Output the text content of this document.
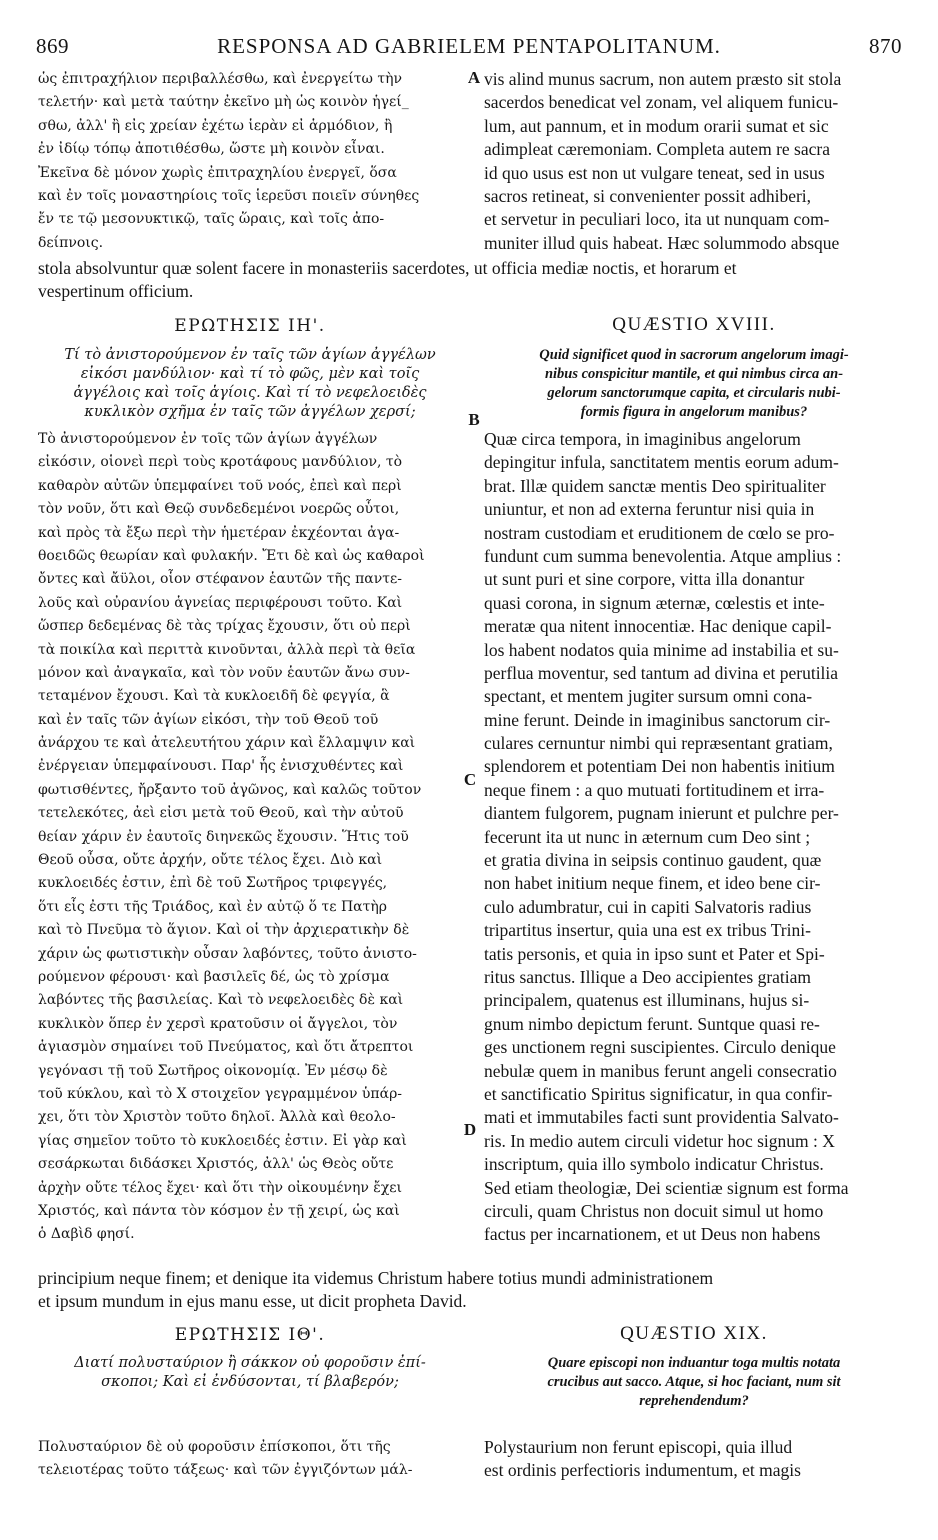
869	RESPONSA AD GABRIELEM PENTAPOLITANUM.	870
A
B
C
D
ὡς ἐπιτραχήλιον περιβαλλέσθω, καὶ ἐνεργείτω τὴν
τελετήν· καὶ μετὰ ταύτην ἐκεῖνο μὴ ὡς κοινὸν ἡγεί_
σθω, ἀλλ' ἢ εἰς χρείαν ἐχέτω ἱερὰν εἰ ἁρμόδιον, ἢ
ἐν ἰδίῳ τόπῳ ἀποτιθέσθω, ὥστε μὴ κοινὸν εἶναι.
Ἐκεῖνα δὲ μόνον χωρὶς ἐπιτραχηλίου ἐνεργεῖ, ὅσα
καὶ ἐν τοῖς μοναστηρίοις τοῖς ἱερεῦσι ποιεῖν σύνηθες
ἔν τε τῷ μεσονυκτικῷ, ταῖς ὥραις, καὶ τοῖς ἀπο-
δείπνοις.
vis alind munus sacrum, non autem præsto sit stola
sacerdos benedicat vel zonam, vel aliquem funicu-
lum, aut pannum, et in modum orarii sumat et sic
adimpleat cæremoniam. Completa autem re sacra
id quo usus est non ut vulgare teneat, sed in usus
sacros retineat, si convenienter possit adhiberi,
et servetur in peculiari loco, ita ut nunquam com-
muniter illud quis habeat. Hæc solummodo absque
stola absolvuntur quæ solent facere in monasteriis sacerdotes, ut officia mediæ noctis, et horarum et
vespertinum officium.
ΕΡΩΤΗΣΙΣ ΙΗ'.	QUÆSTIO XVIII.
Τί τὸ ἀνιστορούμενον ἐν ταῖς τῶν ἁγίων ἀγγέλων
εἰκόσι μανδύλιον· καὶ τί τὸ φῶς, μὲν καὶ τοῖς
ἀγγέλοις καὶ τοῖς ἁγίοις. Καὶ τί τὸ νεφελοειδὲς
κυκλικὸν σχῆμα ἐν ταῖς τῶν ἀγγέλων χερσί;
Quid significet quod in sacrorum angelorum imagi-
nibus conspicitur mantile, et qui nimbus circa an-
gelorum sanctorumque capita, et circularis nubi-
formis figura in angelorum manibus?
Τὸ ἀνιστορούμενον ἐν τοῖς τῶν ἁγίων ἀγγέλων
εἰκόσιν, οἱονεὶ περὶ τοὺς κροτάφους μανδύλιον, τὸ
καθαρὸν αὐτῶν ὑπεμφαίνει τοῦ νοός, ἐπεὶ καὶ περὶ
τὸν νοῦν, ὅτι καὶ Θεῷ συνδεδεμένοι νοερῶς οὗτοι,
καὶ πρὸς τὰ ἔξω περὶ τὴν ἡμετέραν ἐκχέονται ἀγα-
θοειδῶς θεωρίαν καὶ φυλακήν. Ἔτι δὲ καὶ ὡς καθαροὶ
ὄντες καὶ ἄϋλοι, οἷον στέφανον ἑαυτῶν τῆς παντε-
λοῦς καὶ οὐρανίου ἁγνείας περιφέρουσι τοῦτο. Καὶ
ὥσπερ δεδεμένας δὲ τὰς τρίχας ἔχουσιν, ὅτι οὐ περὶ
τὰ ποικίλα καὶ περιττὰ κινοῦνται, ἀλλὰ περὶ τὰ θεῖα
μόνον καὶ ἀναγκαῖα, καὶ τὸν νοῦν ἑαυτῶν ἄνω συν-
τεταμένον ἔχουσι. Καὶ τὰ κυκλοειδῆ δὲ φεγγία, ἃ
καὶ ἐν ταῖς τῶν ἁγίων εἰκόσι, τὴν τοῦ Θεοῦ τοῦ
ἀνάρχου τε καὶ ἀτελευτήτου χάριν καὶ ἔλλαμψιν καὶ
ἐνέργειαν ὑπεμφαίνουσι. Παρ' ἧς ἐνισχυθέντες καὶ
φωτισθέντες, ἤρξαντο τοῦ ἀγῶνος, καὶ καλῶς τοῦτον
τετελεκότες, ἀεὶ εἰσι μετὰ τοῦ Θεοῦ, καὶ τὴν αὐτοῦ
θείαν χάριν ἐν ἑαυτοῖς διηνεκῶς ἔχουσιν. Ἥτις τοῦ
Θεοῦ οὖσα, οὔτε ἀρχήν, οὔτε τέλος ἔχει. Διὸ καὶ
κυκλοειδές ἐστιν, ἐπὶ δὲ τοῦ Σωτῆρος τριφεγγές,
ὅτι εἷς ἐστι τῆς Τριάδος, καὶ ἐν αὐτῷ ὅ τε Πατὴρ
καὶ τὸ Πνεῦμα τὸ ἅγιον. Καὶ οἱ τὴν ἀρχιερατικὴν δὲ
χάριν ὡς φωτιστικὴν οὖσαν λαβόντες, τοῦτο ἀνιστο-
ρούμενον φέρουσι· καὶ βασιλεῖς δέ, ὡς τὸ χρίσμα
λαβόντες τῆς βασιλείας. Καὶ τὸ νεφελοειδὲς δὲ καὶ
κυκλικὸν ὅπερ ἐν χερσὶ κρατοῦσιν οἱ ἄγγελοι, τὸν
ἁγιασμὸν σημαίνει τοῦ Πνεύματος, καὶ ὅτι ἄτρεπτοι
γεγόνασι τῇ τοῦ Σωτῆρος οἰκονομίᾳ. Ἐν μέσῳ δὲ
τοῦ κύκλου, καὶ τὸ Χ στοιχεῖον γεγραμμένον ὑπάρ-
χει, ὅτι τὸν Χριστὸν τοῦτο δηλοῖ. Ἀλλὰ καὶ θεολο-
γίας σημεῖον τοῦτο τὸ κυκλοειδές ἐστιν. Εἰ γὰρ καὶ
σεσάρκωται διδάσκει Χριστός, ἀλλ' ὡς Θεὸς οὔτε
ἀρχὴν οὔτε τέλος ἔχει· καὶ ὅτι τὴν οἰκουμένην ἔχει
Χριστός, καὶ πάντα τὸν κόσμον ἐν τῇ χειρί, ὡς καὶ
ὁ Δαβὶδ φησί.
Quæ circa tempora, in imaginibus angelorum
depingitur infula, sanctitatem mentis eorum adum-
brat. Illæ quidem sanctæ mentis Deo spiritualiter
uniuntur, et non ad externa feruntur nisi quia in
nostram custodiam et eruditionem de cœlo se pro-
fundunt cum summa benevolentia. Atque amplius :
ut sunt puri et sine corpore, vitta illa donantur
quasi corona, in signum æternæ, cœlestis et inte-
meratæ qua nitent innocentiæ. Hac denique capil-
los habent nodatos quia minime ad instabilia et su-
perflua moventur, sed tantum ad divina et perutilia
spectant, et mentem jugiter sursum omni cona-
mine ferunt. Deinde in imaginibus sanctorum cir-
culares cernuntur nimbi qui repræsentant gratiam,
splendorem et potentiam Dei non habentis initium
neque finem : a quo mutuati fortitudinem et irra-
diantem fulgorem, pugnam inierunt et pulchre per-
fecerunt ita ut nunc in æternum cum Deo sint ;
et gratia divina in seipsis continuo gaudent, quæ
non habet initium neque finem, et ideo bene cir-
culo adumbratur, cui in capiti Salvatoris radius
tripartitus insertur, quia una est ex tribus Trini-
tatis personis, et quia in ipso sunt et Pater et Spi-
ritus sanctus. Illique a Deo accipientes gratiam
principalem, quatenus est illuminans, hujus si-
gnum nimbo depictum ferunt. Suntque quasi re-
ges unctionem regni suscipientes. Circulo denique
nebulæ quem in manibus ferunt angeli consecratio
et sanctificatio Spiritus significatur, in qua confir-
mati et immutabiles facti sunt providentia Salvato-
ris. In medio autem circuli videtur hoc signum : X
inscriptum, quia illo symbolo indicatur Christus.
Sed etiam theologiæ, Dei scientiæ signum est forma
circuli, quam Christus non docuit simul ut homo
factus per incarnationem, et ut Deus non habens
principium neque finem; et denique ita videmus Christum habere totius mundi administrationem
et ipsum mundum in ejus manu esse, ut dicit propheta David.
ΕΡΩΤΗΣΙΣ ΙΘ'.	QUÆSTIO XIX.
Διατί πολυσταύριον ἢ σάκκον οὐ φοροῦσιν ἐπί-
σκοποι; Καὶ εἰ ἐνδύσονται, τί βλαβερόν;
Quare episcopi non induantur toga multis notata
crucibus aut sacco. Atque, si hoc faciant, num sit
reprehendendum?
Πολυσταύριον δὲ οὐ φοροῦσιν ἐπίσκοποι, ὅτι τῆς
τελειοτέρας τοῦτο τάξεως· καὶ τῶν ἐγγιζόντων μάλ-
Polystaurium non ferunt episcopi, quia illud
est ordinis perfectioris indumentum, et magis
